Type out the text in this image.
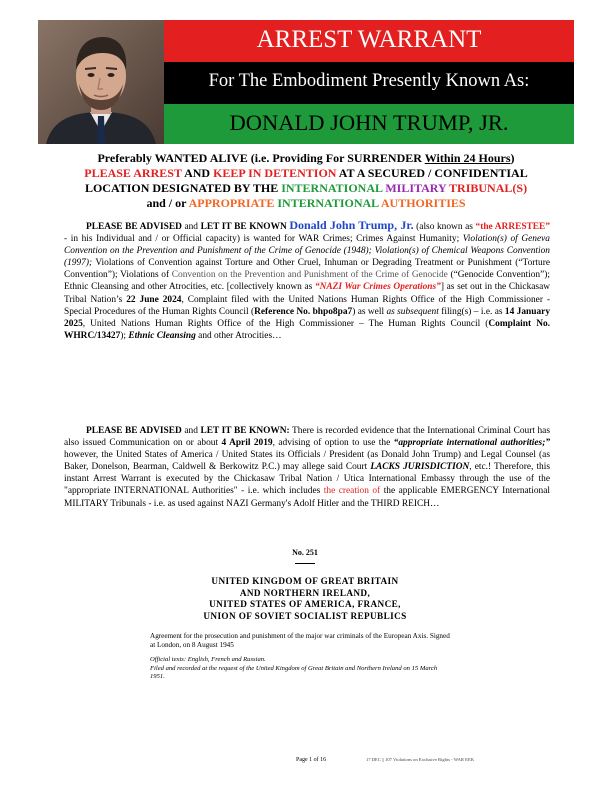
ARREST WARRANT
For The Embodiment Presently Known As:
DONALD JOHN TRUMP, JR.
Preferably WANTED ALIVE (i.e. Providing For SURRENDER Within 24 Hours)
PLEASE ARREST AND KEEP IN DETENTION AT A SECURED / CONFIDENTIAL
LOCATION DESIGNATED BY THE INTERNATIONAL MILITARY TRIBUNAL(S)
and / or APPROPRIATE INTERNATIONAL AUTHORITIES
PLEASE BE ADVISED and LET IT BE KNOWN Donald John Trump, Jr. (also known as “the ARRESTEE” - in his Individual and / or Official capacity) is wanted for WAR Crimes; Crimes Against Humanity; Violation(s) of Geneva Convention on the Prevention and Punishment of the Crime of Genocide (1948); Violation(s) of Chemical Weapons Convention (1997); Violations of Convention against Torture and Other Cruel, Inhuman or Degrading Treatment or Punishment (“Torture Convention”); Violations of Convention on the Prevention and Punishment of the Crime of Genocide (“Genocide Convention”); Ethnic Cleansing and other Atrocities, etc. [collectively known as “NAZI War Crimes Operations”] as set out in the Chickasaw Tribal Nation’s 22 June 2024, Complaint filed with the United Nations Human Rights Office of the High Commissioner - Special Procedures of the Human Rights Council (Reference No. bhpo8pa7) as well as subsequent filing(s) – i.e. as 14 January 2025, United Nations Human Rights Office of the High Commissioner – The Human Rights Council (Complaint No. WHRC/13427); Ethnic Cleansing and other Atrocities…
PLEASE BE ADVISED and LET IT BE KNOWN: There is recorded evidence that the International Criminal Court has also issued Communication on or about 4 April 2019, advising of option to use the “appropriate international authorities;” however, the United States of America / United States its Officials / President (as Donald John Trump) and Legal Counsel (as Baker, Donelson, Bearman, Caldwell & Berkowitz P.C.) may allege said Court LACKS JURISDICTION, etc.! Therefore, this instant Arrest Warrant is executed by the Chickasaw Tribal Nation / Utica International Embassy through the use of the "appropriate INTERNATIONAL Authorities" - i.e. which includes the creation of the applicable EMERGENCY International MILITARY Tribunals - i.e. as used against NAZI Germany's Adolf Hitler and the THIRD REICH…
No. 251
UNITED KINGDOM OF GREAT BRITAIN
AND NORTHERN IRELAND,
UNITED STATES OF AMERICA, FRANCE,
UNION OF SOVIET SOCIALIST REPUBLICS
Agreement for the prosecution and punishment of the major war criminals of the European Axis. Signed at London, on 8 August 1945
Official texts: English, French and Russian.
Filed and recorded at the request of the United Kingdom of Great Britain and Northern Ireland on 15 March 1951.
Page 1 of 16	17 DEC || 107 Violations on Exclusive Rights - WAR EEK
